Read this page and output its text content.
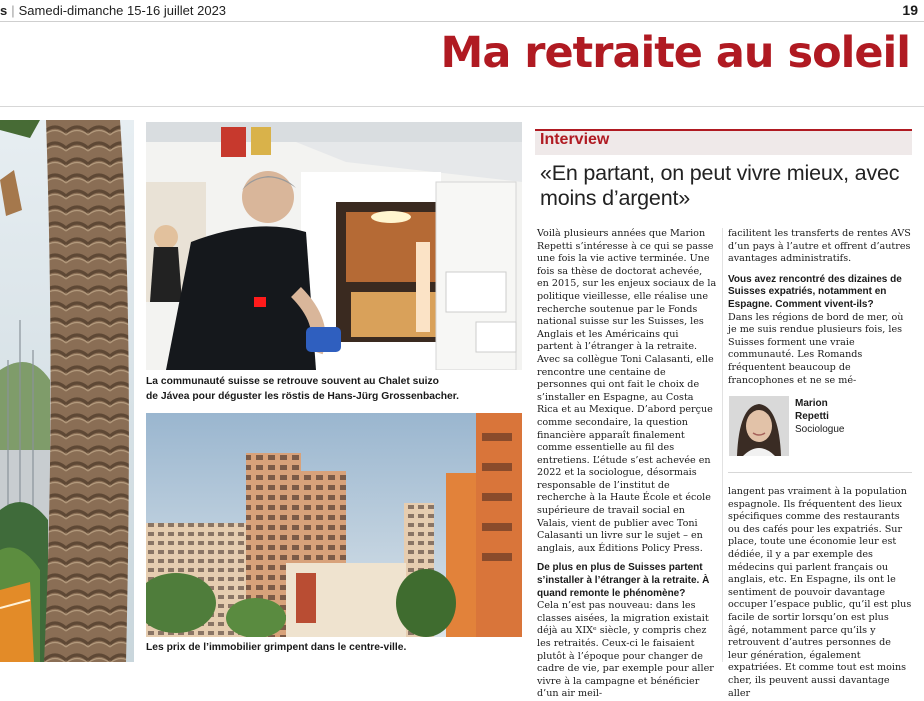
s | Samedi-dimanche 15-16 juillet 2023	19
Ma retraite au soleil
La communauté suisse se retrouve souvent au Chalet suizo
de Jávea pour déguster les röstis de Hans-Jürg Grossenbacher.
Les prix de l’immobilier grimpent dans le centre-ville.
Interview
«En partant, on peut vivre mieux, avec moins d’argent»

Voilà plusieurs années que Marion Repetti s’intéresse à ce qui se passe une fois la vie active terminée. Une fois sa thèse de doctorat achevée, en 2015, sur les enjeux sociaux de la politique vieillesse, elle réalise une recherche soutenue par le Fonds national suisse sur les Suisses, les Anglais et les Américains qui partent à l’étranger à la retraite. Avec sa collègue Toni Calasanti, elle rencontre une centaine de personnes qui ont fait le choix de s’installer en Espagne, au Costa Rica et au Mexique. D’abord perçue comme secondaire, la question financière apparaît finalement comme essentielle au fil des entretiens. L’étude s’est achevée en 2022 et la sociologue, désormais responsable de l’institut de recherche à la Haute École et école supérieure de travail social en Valais, vient de publier avec Toni Calasanti un livre sur le sujet – en anglais, aux Éditions Policy Press.

De plus en plus de Suisses partent s’installer à l’étranger à la retraite. À quand remonte le phénomène?

Cela n’est pas nouveau: dans les classes aisées, la migration existait déjà au XIXᵉ siècle, y compris chez les retraités. Ceux-ci le faisaient plutôt à l’époque pour changer de cadre de vie, par exemple pour aller vivre à la campagne et bénéficier d’un air meil-

facilitent les transferts de rentes AVS d’un pays à l’autre et offrent d’autres avantages administratifs.

Vous avez rencontré des dizaines de Suisses expatriés, notamment en Espagne. Comment vivent-ils?

Dans les régions de bord de mer, où je me suis rendue plusieurs fois, les Suisses forment une vraie communauté. Les Romands fréquentent beaucoup de francophones et ne se mé-

Marion
Repetti
Sociologue
langent pas vraiment à la population espagnole. Ils fréquentent des lieux spécifiques comme des restaurants ou des cafés pour les expatriés. Sur place, toute une économie leur est dédiée, il y a par exemple des médecins qui parlent français ou anglais, etc. En Espagne, ils ont le sentiment de pouvoir davantage occuper l’espace public, qu’il est plus facile de sortir lorsqu’on est plus âgé, notamment parce qu’ils y retrouvent d’autres personnes de leur génération, également expatriées. Et comme tout est moins cher, ils peuvent aussi davantage aller
